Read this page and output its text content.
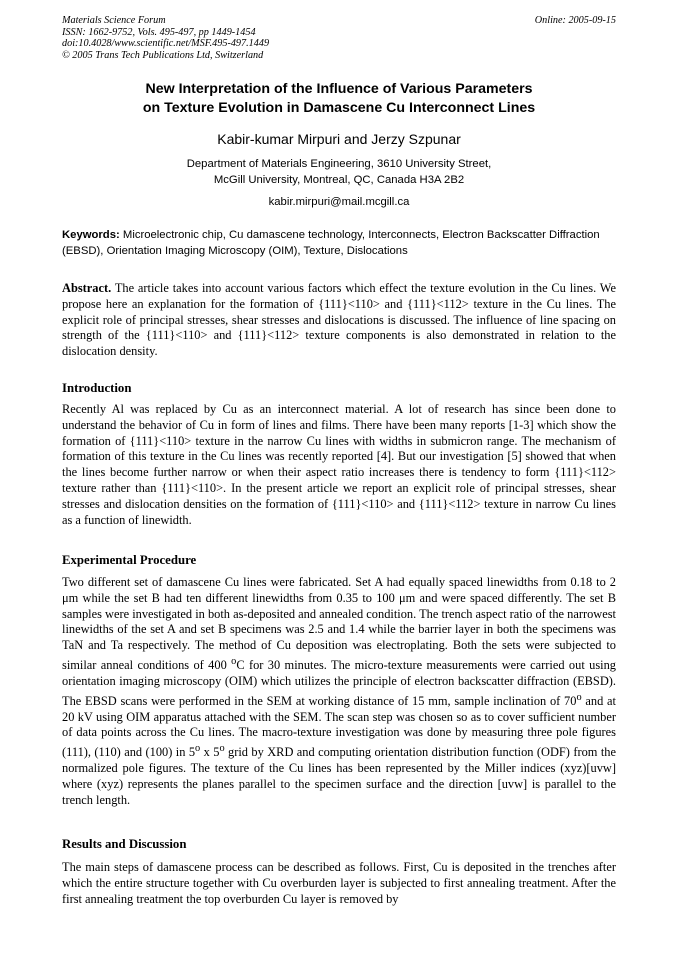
Materials Science Forum
ISSN: 1662-9752, Vols. 495-497, pp 1449-1454
doi:10.4028/www.scientific.net/MSF.495-497.1449
© 2005 Trans Tech Publications Ltd, Switzerland
Online: 2005-09-15
New Interpretation of the Influence of Various Parameters
on Texture Evolution in Damascene Cu Interconnect Lines
Kabir-kumar Mirpuri and Jerzy Szpunar
Department of Materials Engineering, 3610 University Street,
McGill University, Montreal, QC, Canada H3A 2B2
kabir.mirpuri@mail.mcgill.ca
Keywords: Microelectronic chip, Cu damascene technology, Interconnects, Electron Backscatter Diffraction (EBSD), Orientation Imaging Microscopy (OIM), Texture, Dislocations
Abstract. The article takes into account various factors which effect the texture evolution in the Cu lines. We propose here an explanation for the formation of {111}<110> and {111}<112> texture in the Cu lines. The explicit role of principal stresses, shear stresses and dislocations is discussed. The influence of line spacing on strength of the {111}<110> and {111}<112> texture components is also demonstrated in relation to the dislocation density.
Introduction
Recently Al was replaced by Cu as an interconnect material. A lot of research has since been done to understand the behavior of Cu in form of lines and films. There have been many reports [1-3] which show the formation of {111}<110> texture in the narrow Cu lines with widths in submicron range. The mechanism of formation of this texture in the Cu lines was recently reported [4]. But our investigation [5] showed that when the lines become further narrow or when their aspect ratio increases there is tendency to form {111}<112> texture rather than {111}<110>. In the present article we report an explicit role of principal stresses, shear stresses and dislocation densities on the formation of {111}<110> and {111}<112> texture in narrow Cu lines as a function of linewidth.
Experimental Procedure
Two different set of damascene Cu lines were fabricated. Set A had equally spaced linewidths from 0.18 to 2 μm while the set B had ten different linewidths from 0.35 to 100 μm and were spaced differently. The set B samples were investigated in both as-deposited and annealed condition. The trench aspect ratio of the narrowest linewidths of the set A and set B specimens was 2.5 and 1.4 while the barrier layer in both the specimens was TaN and Ta respectively. The method of Cu deposition was electroplating. Both the sets were subjected to similar anneal conditions of 400 $^o$C for 30 minutes. The micro-texture measurements were carried out using orientation imaging microscopy (OIM) which utilizes the principle of electron backscatter diffraction (EBSD). The EBSD scans were performed in the SEM at working distance of 15 mm, sample inclination of 70$^o$ and at 20 kV using OIM apparatus attached with the SEM. The scan step was chosen so as to cover sufficient number of data points across the Cu lines. The macro-texture investigation was done by measuring three pole figures (111), (110) and (100) in 5$^o$ x 5$^o$ grid by XRD and computing orientation distribution function (ODF) from the normalized pole figures. The texture of the Cu lines has been represented by the Miller indices (xyz)[uvw] where (xyz) represents the planes parallel to the specimen surface and the direction [uvw] is parallel to the trench length.
Results and Discussion
The main steps of damascene process can be described as follows. First, Cu is deposited in the trenches after which the entire structure together with Cu overburden layer is subjected to first annealing treatment. After the first annealing treatment the top overburden Cu layer is removed by
